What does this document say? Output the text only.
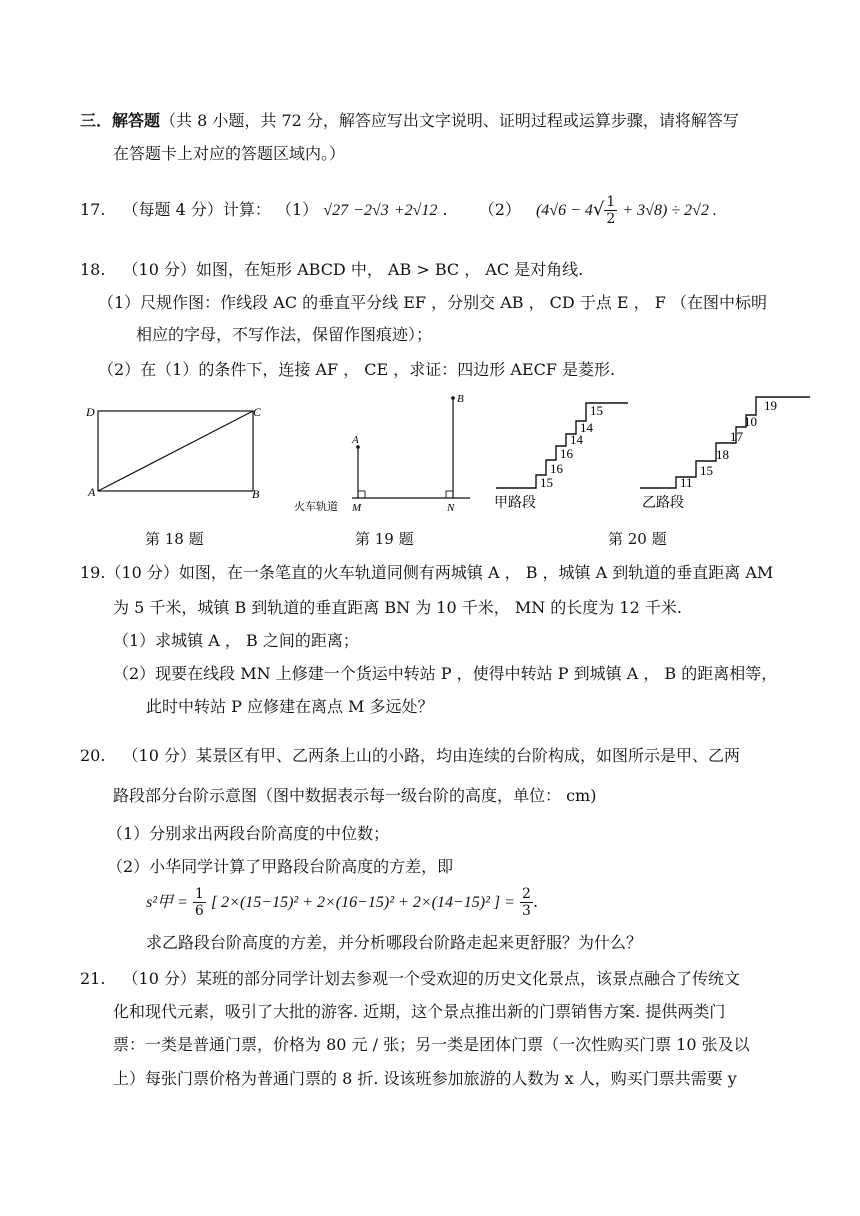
三．解答题（共 8 小题，共 72 分，解答应写出文字说明、证明过程或运算步骤，请将解答写
在答题卡上对应的答题区域内。）
17. （每题 4 分）计算： （1） √27 −2√3 +2√12 . （2） $(4√6 - 4√ \frac{1}{2} + 3√8) \div 2√2$ .
18. （10 分）如图，在矩形 ABCD 中， AB > BC ， AC 是对角线.
（1）尺规作图：作线段 AC 的垂直平分线 EF ，分别交 AB ， CD 于点 E ， F （在图中标明
相应的字母，不写作法，保留作图痕迹）；
（2）在（1）的条件下，连接 AF ， CE ，求证：四边形 AECF 是菱形.
D	C
A	B
第 18 题
A
B
M	N
火车轨道
第 19 题
15
16
16
14
14
15
甲路段
11
15
18
17
10
19
乙路段
第 20 题
19.（10 分）如图，在一条笔直的火车轨道同侧有两城镇 A ， B ，城镇 A 到轨道的垂直距离 AM
为 5 千米，城镇 B 到轨道的垂直距离 BN 为 10 千米， MN 的长度为 12 千米.
（1）求城镇 A ， B 之间的距离；
（2）现要在线段 MN 上修建一个货运中转站 P ，使得中转站 P 到城镇 A ， B 的距离相等，
此时中转站 P 应修建在离点 M 多远处？
20. （10 分）某景区有甲、乙两条上山的小路，均由连续的台阶构成，如图所示是甲、乙两
路段部分台阶示意图（图中数据表示每一级台阶的高度，单位： cm)
（1）分别求出两段台阶高度的中位数；
（2）小华同学计算了甲路段台阶高度的方差，即
s²甲 = $\frac{1}{6}$ [ 2×(15−15)² + 2×(16−15)² + 2×(14−15)² ] = $\frac{2}{3}$ .
求乙路段台阶高度的方差，并分析哪段台阶路走起来更舒服？为什么？
21. （10 分）某班的部分同学计划去参观一个受欢迎的历史文化景点，该景点融合了传统文
化和现代元素，吸引了大批的游客. 近期，这个景点推出新的门票销售方案. 提供两类门
票：一类是普通门票，价格为 80 元 / 张；另一类是团体门票（一次性购买门票 10 张及以
上）每张门票价格为普通门票的 8 折. 设该班参加旅游的人数为 x 人，购买门票共需要 y
